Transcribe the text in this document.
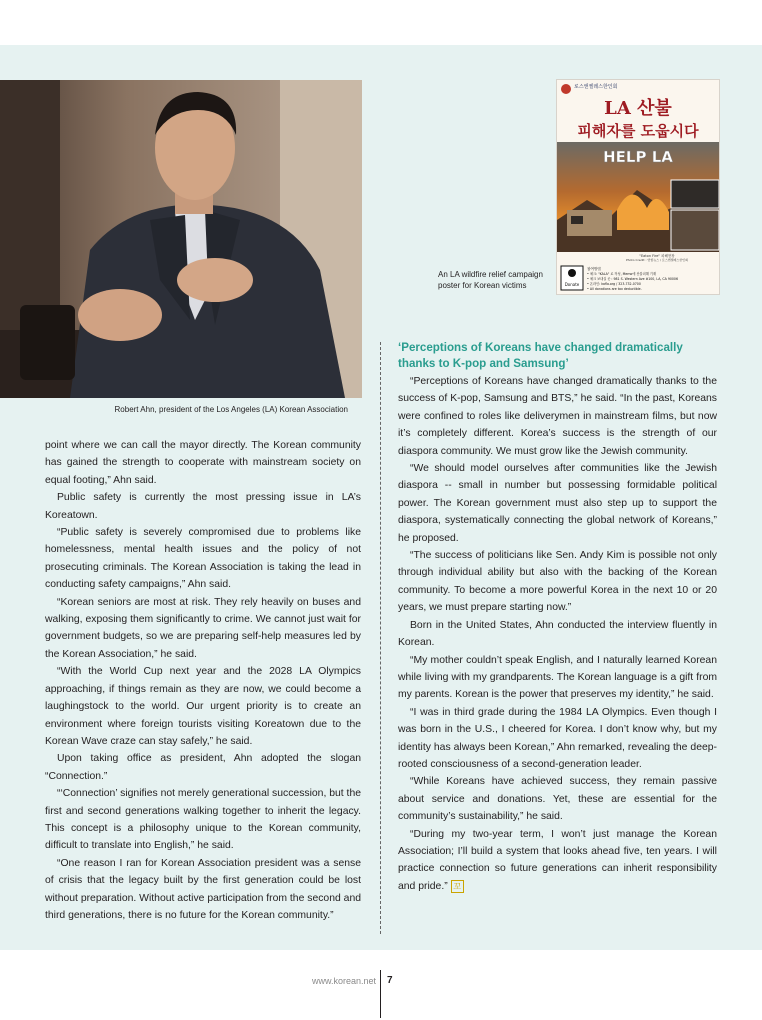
Robert Ahn, president of the Los Angeles (LA) Korean Association
로스앤젤레스한인회
LA 산불
피해자를 도웁시다
HELP LA
"Eaton Fire" 피해현장
Photo Credit : 연합뉴스 / 로스앤젤레스한인회
Donate
참여방법
• 체크: "KALA" 로 작성, Memo에 산불피해 기재
• 체크 보내실 곳 : 981 S. Western Ave #100, LA, CA 90006
• 온라인: kafla.org / 323-732-0700
• All donations are tax deductible.
An LA wildfire relief campaign poster for Korean victims

point where we can call the mayor directly. The Korean community has gained the strength to cooperate with mainstream society on equal footing,” Ahn said.

Public safety is currently the most pressing issue in LA’s Koreatown.

“Public safety is severely compromised due to problems like homelessness, mental health issues and the policy of not prosecuting criminals. The Korean Association is taking the lead in conducting safety campaigns,” Ahn said.

“Korean seniors are most at risk. They rely heavily on buses and walking, exposing them significantly to crime. We cannot just wait for government budgets, so we are preparing self-help measures led by the Korean Association,” he said.

“With the World Cup next year and the 2028 LA Olympics approaching, if things remain as they are now, we could become a laughingstock to the world. Our urgent priority is to create an environment where foreign tourists visiting Koreatown due to the Korean Wave craze can stay safely,” he said.

Upon taking office as president, Ahn adopted the slogan “Connection.”

“‘Connection’ signifies not merely generational succession, but the first and second generations walking together to inherit the legacy. This concept is a philosophy unique to the Korean community, difficult to translate into English,” he said.

“One reason I ran for Korean Association president was a sense of crisis that the legacy built by the first generation could be lost without preparation. Without active participation from the second and third generations, there is no future for the Korean community.”

‘Perceptions of Koreans have changed dramatically thanks to K-pop and Samsung’

“Perceptions of Koreans have changed dramatically thanks to the success of K-pop, Samsung and BTS,” he said. “In the past, Koreans were confined to roles like deliverymen in mainstream films, but now it’s completely different. Korea’s success is the strength of our diaspora community. We must grow like the Jewish community.

“We should model ourselves after communities like the Jewish diaspora -- small in number but possessing formidable political power. The Korean government must also step up to support the diaspora, systematically connecting the global network of Koreans,” he proposed.

“The success of politicians like Sen. Andy Kim is possible not only through individual ability but also with the backing of the Korean community. To become a more powerful Korea in the next 10 or 20 years, we must prepare starting now.”

Born in the United States, Ahn conducted the interview fluently in Korean.

“My mother couldn’t speak English, and I naturally learned Korean while living with my grandparents. The Korean language is a gift from my parents. Korean is the power that preserves my identity,” he said.

“I was in third grade during the 1984 LA Olympics. Even though I was born in the U.S., I cheered for Korea. I don’t know why, but my identity has always been Korean,” Ahn remarked, revealing the deep-rooted consciousness of a second-generation leader.

“While Koreans have achieved success, they remain passive about service and donations. Yet, these are essential for the community’s sustainability,” he said.

“During my two-year term, I won’t just manage the Korean Association; I’ll build a system that looks ahead five, ten years. I will practice connection so future generations can inherit responsibility and pride.” 꼬

www.korean.net 7
